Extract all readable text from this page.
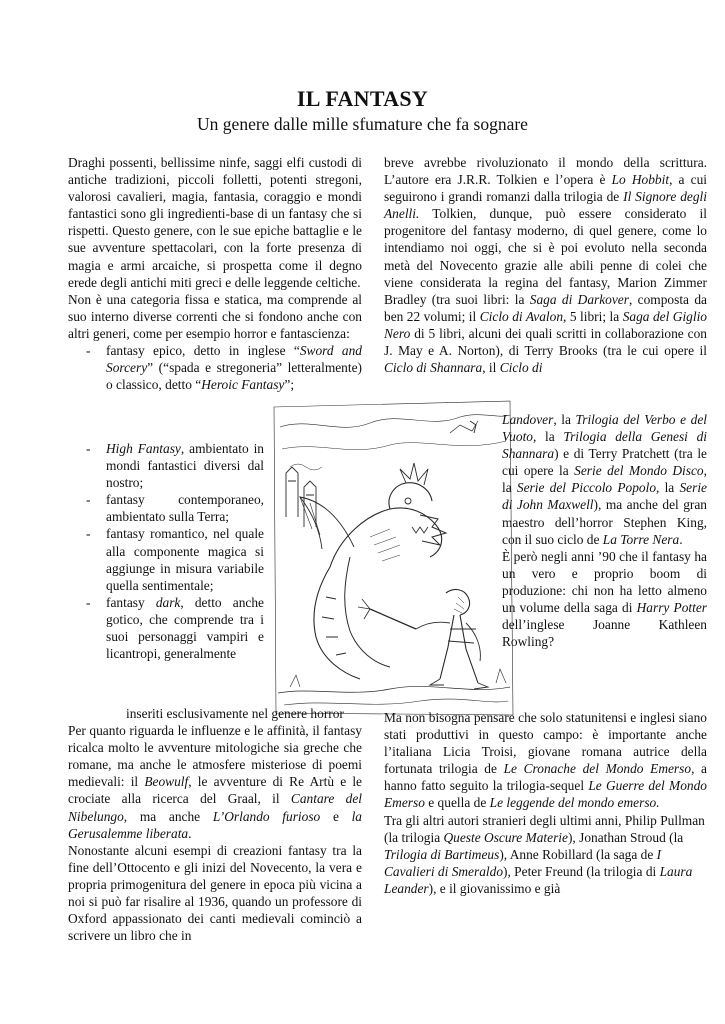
IL FANTASY
Un genere dalle mille sfumature che fa sognare

Draghi possenti, bellissime ninfe, saggi elfi custodi di antiche tradizioni, piccoli folletti, potenti stregoni, valorosi cavalieri, magia, fantasia, coraggio e mondi fantastici sono gli ingredienti-base di un fantasy che si rispetti. Questo genere, con le sue epiche battaglie e le sue avventure spettacolari, con la forte presenza di magia e armi arcaiche, si prospetta come il degno erede degli antichi miti greci e delle leggende celtiche.

Non è una categoria fissa e statica, ma comprende al suo interno diverse correnti che si fondono anche con altri generi, come per esempio horror e fantascienza:

- fantasy epico, detto in inglese “Sword and Sorcery” (“spada e stregoneria” letteralmente) o classico, detto “Heroic Fantasy”;

breve avrebbe rivoluzionato il mondo della scrittura. L’autore era J.R.R. Tolkien e l’opera è Lo Hobbit, a cui seguirono i grandi romanzi dalla trilogia de Il Signore degli Anelli. Tolkien, dunque, può essere considerato il progenitore del fantasy moderno, di quel genere, come lo intendiamo noi oggi, che si è poi evoluto nella seconda metà del Novecento grazie alle abili penne di colei che viene considerata la regina del fantasy, Marion Zimmer Bradley (tra suoi libri: la Saga di Darkover, composta da ben 22 volumi; il Ciclo di Avalon, 5 libri; la Saga del Giglio Nero di 5 libri, alcuni dei quali scritti in collaborazione con J. May e A. Norton), di Terry Brooks (tra le cui opere il Ciclo di Shannara, il Ciclo di

Landover, la Trilogia del Verbo e del Vuoto, la Trilogia della Genesi di Shannara) e di Terry Pratchett (tra le cui opere la Serie del Mondo Disco, la Serie del Piccolo Popolo, la Serie di John Maxwell), ma anche del gran maestro dell’horror Stephen King, con il suo ciclo de La Torre Nera.

È però negli anni ’90 che il fantasy ha un vero e proprio boom di produzione: chi non ha letto almeno un volume della saga di Harry Potter dell’inglese Joanne Kathleen Rowling?

- High Fantasy, ambientato in mondi fantastici diversi dal nostro;
- fantasy contemporaneo, ambientato sulla Terra;
- fantasy romantico, nel quale alla componente magica si aggiunge in misura variabile quella sentimentale;
- fantasy dark, detto anche gotico, che comprende tra i suoi personaggi vampiri e licantropi, generalmente

inseriti esclusivamente nel genere horror

Per quanto riguarda le influenze e le affinità, il fantasy ricalca molto le avventure mitologiche sia greche che romane, ma anche le atmosfere misteriose di poemi medievali: il Beowulf, le avventure di Re Artù e le crociate alla ricerca del Graal, il Cantare del Nibelungo, ma anche L’Orlando furioso e la Gerusalemme liberata.

Nonostante alcuni esempi di creazioni fantasy tra la fine dell’Ottocento e gli inizi del Novecento, la vera e propria primogenitura del genere in epoca più vicina a noi si può far risalire al 1936, quando un professore di Oxford appassionato dei canti medievali cominciò a scrivere un libro che in

Ma non bisogna pensare che solo statunitensi e inglesi siano stati produttivi in questo campo: è importante anche l’italiana Licia Troisi, giovane romana autrice della fortunata trilogia de Le Cronache del Mondo Emerso, a hanno fatto seguito la trilogia-sequel Le Guerre del Mondo Emerso e quella de Le leggende del mondo emerso.

Tra gli altri autori stranieri degli ultimi anni, Philip Pullman (la trilogia Queste Oscure Materie), Jonathan Stroud (la Trilogia di Bartimeus), Anne Robillard (la saga de I Cavalieri di Smeraldo), Peter Freund (la trilogia di Laura Leander), e il giovanissimo e già
